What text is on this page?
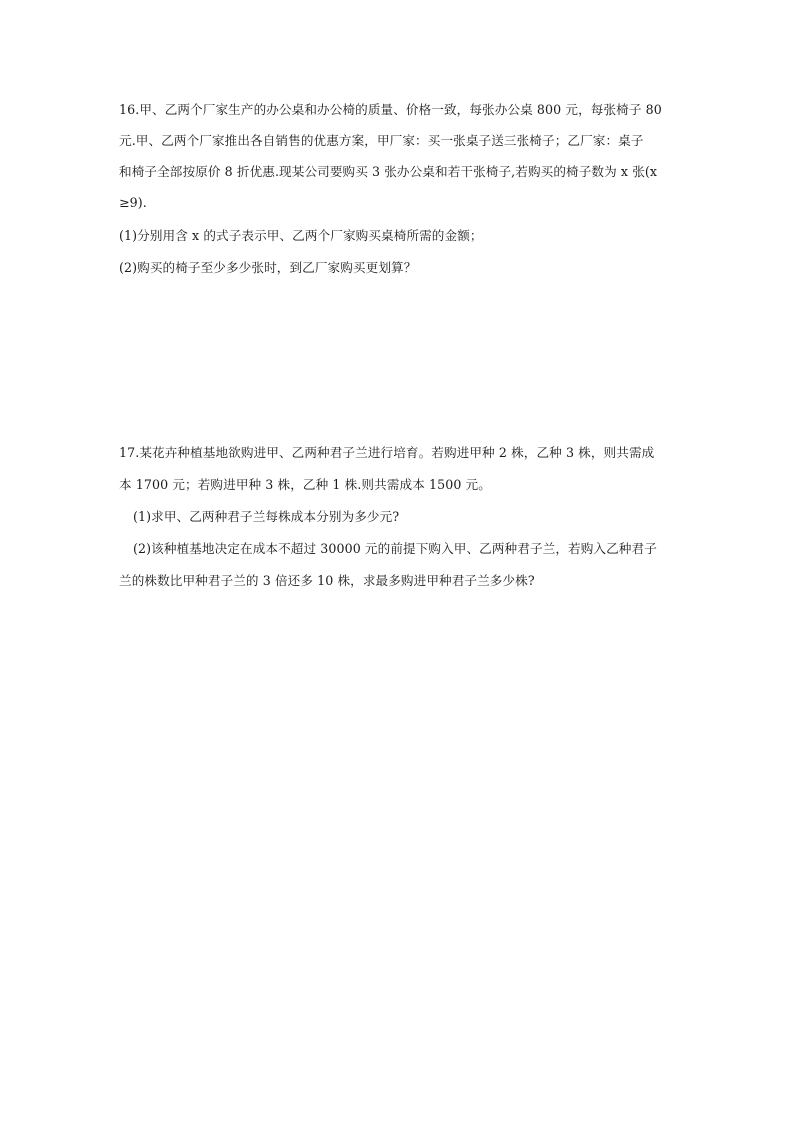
16.甲、乙两个厂家生产的办公桌和办公椅的质量、价格一致，每张办公桌 800 元，每张椅子 80
元.甲、乙两个厂家推出各自销售的优惠方案，甲厂家：买一张桌子送三张椅子；乙厂家：桌子
和椅子全部按原价 8 折优惠.现某公司要购买 3 张办公桌和若干张椅子,若购买的椅子数为 x 张(x
≥9).
(1)分别用含 x 的式子表示甲、乙两个厂家购买桌椅所需的金额；
(2)购买的椅子至少多少张时，到乙厂家购买更划算？
17.某花卉种植基地欲购进甲、乙两种君子兰进行培育。若购进甲种 2 株，乙种 3 株，则共需成
本 1700 元；若购进甲种 3 株，乙种 1 株.则共需成本 1500 元。
(1)求甲、乙两种君子兰每株成本分别为多少元?
(2)该种植基地决定在成本不超过 30000 元的前提下购入甲、乙两种君子兰，若购入乙种君子
兰的株数比甲种君子兰的 3 倍还多 10 株，求最多购进甲种君子兰多少株?
